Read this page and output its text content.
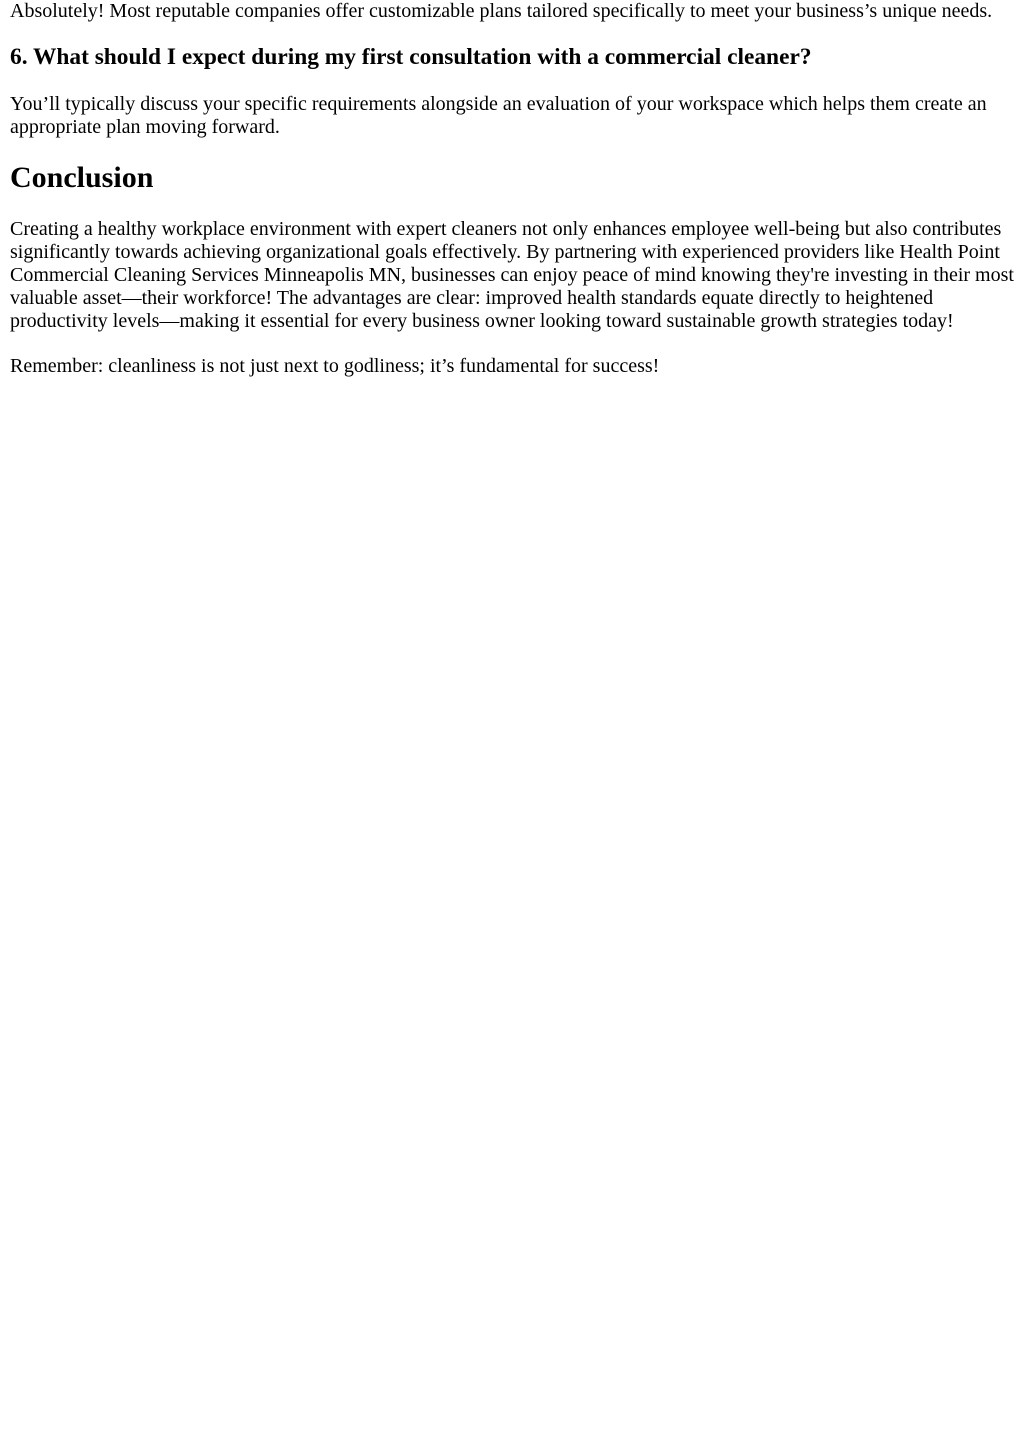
Absolutely! Most reputable companies offer customizable plans tailored specifically to meet your business’s unique needs.

6. What should I expect during my first consultation with a commercial cleaner?

You’ll typically discuss your specific requirements alongside an evaluation of your workspace which helps them create an appropriate plan moving forward.

Conclusion

Creating a healthy workplace environment with expert cleaners not only enhances employee well-being but also contributes significantly towards achieving organizational goals effectively. By partnering with experienced providers like Health Point Commercial Cleaning Services Minneapolis MN, businesses can enjoy peace of mind knowing they're investing in their most valuable asset—their workforce! The advantages are clear: improved health standards equate directly to heightened productivity levels—making it essential for every business owner looking toward sustainable growth strategies today!

Remember: cleanliness is not just next to godliness; it’s fundamental for success!
